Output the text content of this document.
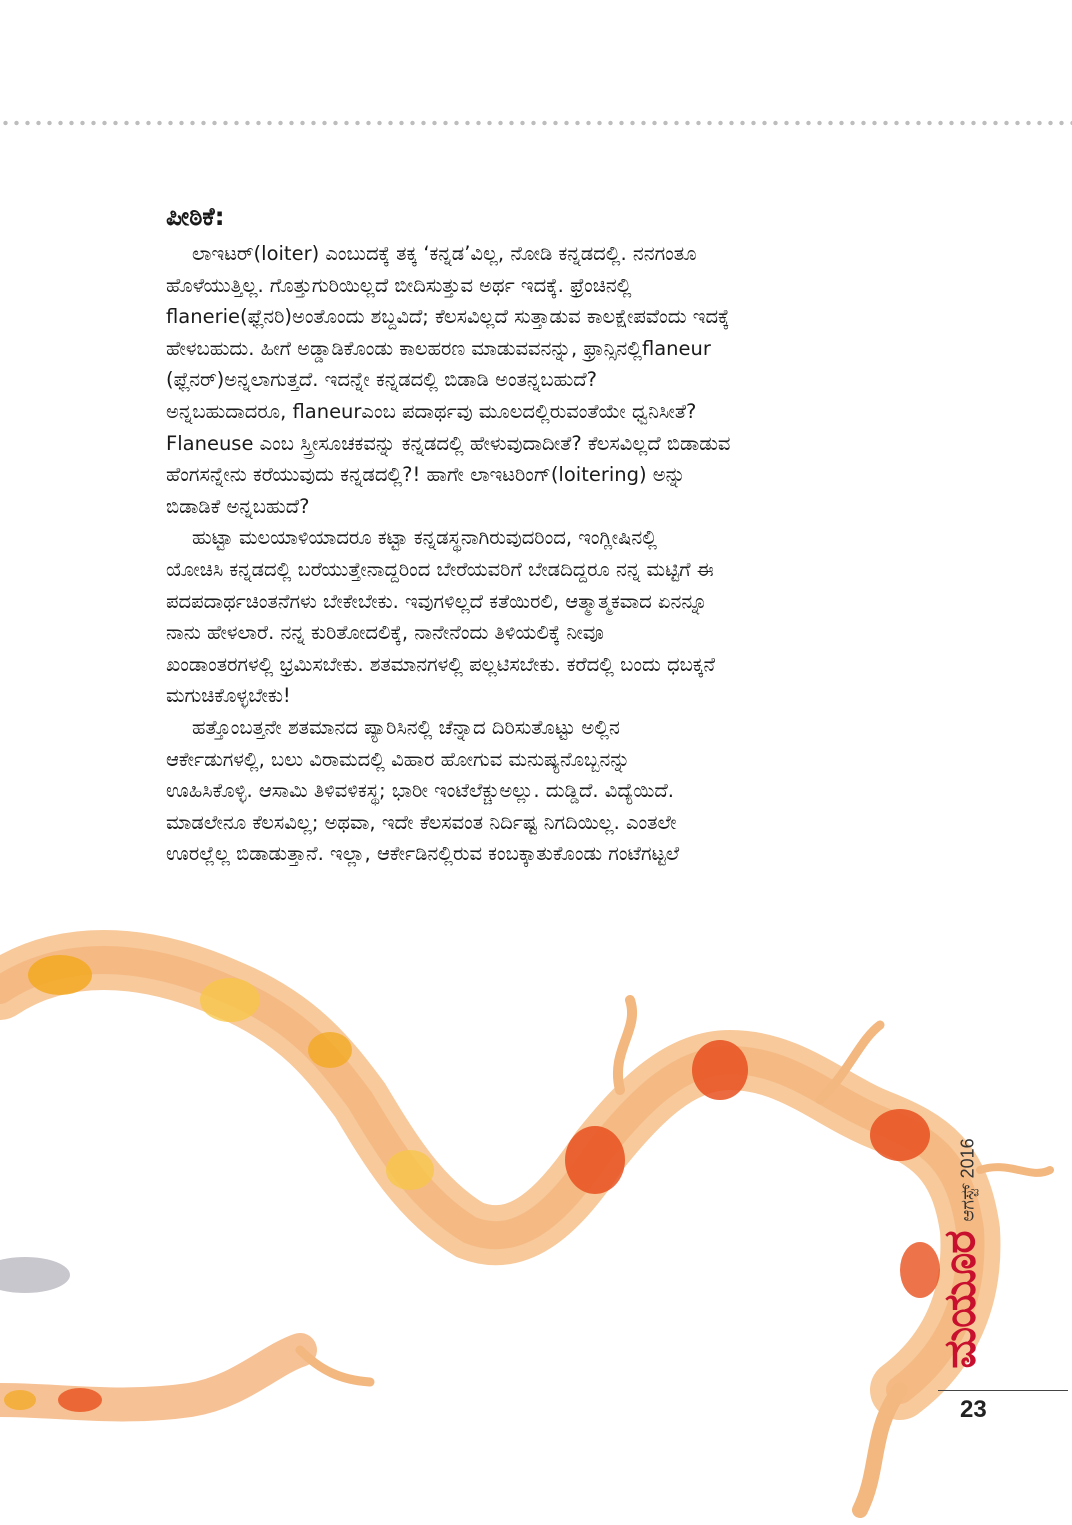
ಪೀಠಿಕೆ:

ಲಾಇಟರ್(loiter) ಎಂಬುದಕ್ಕೆ ತಕ್ಕ ‘ಕನ್ನಡ’ವಿಲ್ಲ, ನೋಡಿ ಕನ್ನಡದಲ್ಲಿ. ನನಗಂತೂ
ಹೊಳೆಯುತ್ತಿಲ್ಲ. ಗೊತ್ತುಗುರಿಯಿಲ್ಲದೆ ಬೀದಿಸುತ್ತುವ ಅರ್ಥ ಇದಕ್ಕೆ. ಫ್ರೆಂಚಿನಲ್ಲಿ
flanerie(ಫ್ಲೆನರಿ)ಅಂತೊಂದು ಶಬ್ದವಿದೆ; ಕೆಲಸವಿಲ್ಲದೆ ಸುತ್ತಾಡುವ ಕಾಲಕ್ಷೇಪವೆಂದು ಇದಕ್ಕೆ
ಹೇಳಬಹುದು. ಹೀಗೆ ಅಡ್ಡಾಡಿಕೊಂಡು ಕಾಲಹರಣ ಮಾಡುವವನನ್ನು, ಫ್ರಾನ್ಸಿನಲ್ಲಿflaneur
(ಫ್ಲೆನರ್)ಅನ್ನಲಾಗುತ್ತದೆ. ಇದನ್ನೇ ಕನ್ನಡದಲ್ಲಿ ಬಿಡಾಡಿ ಅಂತನ್ನಬಹುದೆ?
ಅನ್ನಬಹುದಾದರೂ, flaneurಎಂಬ ಪದಾರ್ಥವು ಮೂಲದಲ್ಲಿರುವಂತೆಯೇ ಧ್ವನಿಸೀತೆ?
Flaneuse ಎಂಬ ಸ್ತ್ರೀಸೂಚಕವನ್ನು ಕನ್ನಡದಲ್ಲಿ ಹೇಳುವುದಾದೀತೆ? ಕೆಲಸವಿಲ್ಲದೆ ಬಿಡಾಡುವ
ಹೆಂಗಸನ್ನೇನು ಕರೆಯುವುದು ಕನ್ನಡದಲ್ಲಿ?! ಹಾಗೇ ಲಾಇಟರಿಂಗ್(loitering) ಅನ್ನು
ಬಿಡಾಡಿಕೆ ಅನ್ನಬಹುದೆ?

ಹುಟ್ಟಾ ಮಲಯಾಳಿಯಾದರೂ ಕಟ್ಟಾ ಕನ್ನಡಸ್ಥನಾಗಿರುವುದರಿಂದ, ಇಂಗ್ಲೀಷಿನಲ್ಲಿ
ಯೋಚಿಸಿ ಕನ್ನಡದಲ್ಲಿ ಬರೆಯುತ್ತೇನಾದ್ದರಿಂದ ಬೇರೆಯವರಿಗೆ ಬೇಡದಿದ್ದರೂ ನನ್ನ ಮಟ್ಟಿಗೆ ಈ
ಪದಪದಾರ್ಥಚಿಂತನೆಗಳು ಬೇಕೇಬೇಕು. ಇವುಗಳಿಲ್ಲದೆ ಕತೆಯಿರಲಿ, ಆತ್ಮಾತ್ಮಕವಾದ ಏನನ್ನೂ
ನಾನು ಹೇಳಲಾರೆ. ನನ್ನ ಕುರಿತೋದಲಿಕ್ಕೆ, ನಾನೇನೆಂದು ತಿಳಿಯಲಿಕ್ಕೆ ನೀವೂ
ಖಂಡಾಂತರಗಳಲ್ಲಿ ಭ್ರಮಿಸಬೇಕು. ಶತಮಾನಗಳಲ್ಲಿ ಪಲ್ಲಟಿಸಬೇಕು. ಕರೆದಲ್ಲಿ ಬಂದು ಧಬಕ್ಕನೆ
ಮಗುಚಿಕೊಳ್ಳಬೇಕು!

ಹತ್ತೊಂಬತ್ತನೇ ಶತಮಾನದ ಪ್ಯಾರಿಸಿನಲ್ಲಿ ಚೆನ್ನಾದ ದಿರಿಸುತೊಟ್ಟು ಅಲ್ಲಿನ
ಆರ್ಕೇಡುಗಳಲ್ಲಿ, ಬಲು ವಿರಾಮದಲ್ಲಿ ವಿಹಾರ ಹೋಗುವ ಮನುಷ್ಯನೊಬ್ಬನನ್ನು
ಊಹಿಸಿಕೊಳ್ಳಿ. ಆಸಾಮಿ ತಿಳಿವಳಿಕಸ್ಥ; ಭಾರೀ ಇಂಟೆಲೆಕ್ಚುಅಲ್ಲು. ದುಡ್ಡಿದೆ. ವಿದ್ಯೆಯಿದೆ.
ಮಾಡಲೇನೂ ಕೆಲಸವಿಲ್ಲ; ಅಥವಾ, ಇದೇ ಕೆಲಸವಂತ ನಿರ್ದಿಷ್ಟ ನಿಗದಿಯಿಲ್ಲ. ಎಂತಲೇ
ಊರಲ್ಲೆಲ್ಲ ಬಿಡಾಡುತ್ತಾನೆ. ಇಲ್ಲಾ, ಆರ್ಕೇಡಿನಲ್ಲಿರುವ ಕಂಬಕ್ಕಾತುಕೊಂಡು ಗಂಟೆಗಟ್ಟಲೆ

ಮಯೂರ
ಆಗಸ್ಟ್ 2016
23
